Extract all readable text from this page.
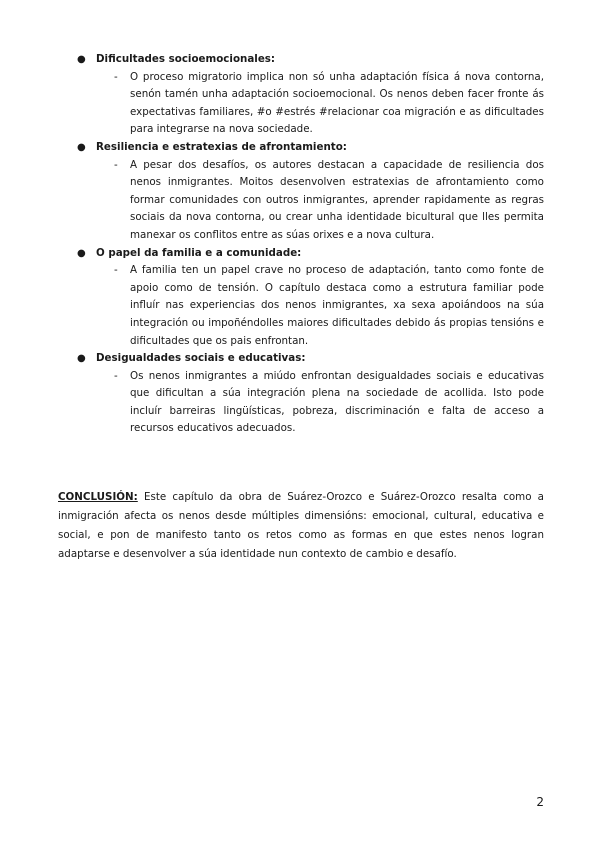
● Dificultades socioemocionales:
- O proceso migratorio implica non só unha adaptación física á nova contorna, senón tamén unha adaptación socioemocional. Os nenos deben facer fronte ás expectativas familiares, #o #estrés #relacionar coa migración e as dificultades para integrarse na nova sociedade.
● Resiliencia e estratexias de afrontamiento:
- A pesar dos desafíos, os autores destacan a capacidade de resiliencia dos nenos inmigrantes. Moitos desenvolven estratexias de afrontamiento como formar comunidades con outros inmigrantes, aprender rapidamente as regras sociais da nova contorna, ou crear unha identidade bicultural que lles permita manexar os conflitos entre as súas orixes e a nova cultura.
● O papel da familia e a comunidade:
- A familia ten un papel crave no proceso de adaptación, tanto como fonte de apoio como de tensión. O capítulo destaca como a estrutura familiar pode influír nas experiencias dos nenos inmigrantes, xa sexa apoiándoos na súa integración ou impoñéndolles maiores dificultades debido ás propias tensións e dificultades que os pais enfrontan.
● Desigualdades sociais e educativas:
- Os nenos inmigrantes a miúdo enfrontan desigualdades sociais e educativas que dificultan a súa integración plena na sociedade de acollida. Isto pode incluír barreiras lingüísticas, pobreza, discriminación e falta de acceso a recursos educativos adecuados.

CONCLUSIÓN: Este capítulo da obra de Suárez-Orozco e Suárez-Orozco resalta como a inmigración afecta os nenos desde múltiples dimensións: emocional, cultural, educativa e social, e pon de manifesto tanto os retos como as formas en que estes nenos logran adaptarse e desenvolver a súa identidade nun contexto de cambio e desafío.

2
